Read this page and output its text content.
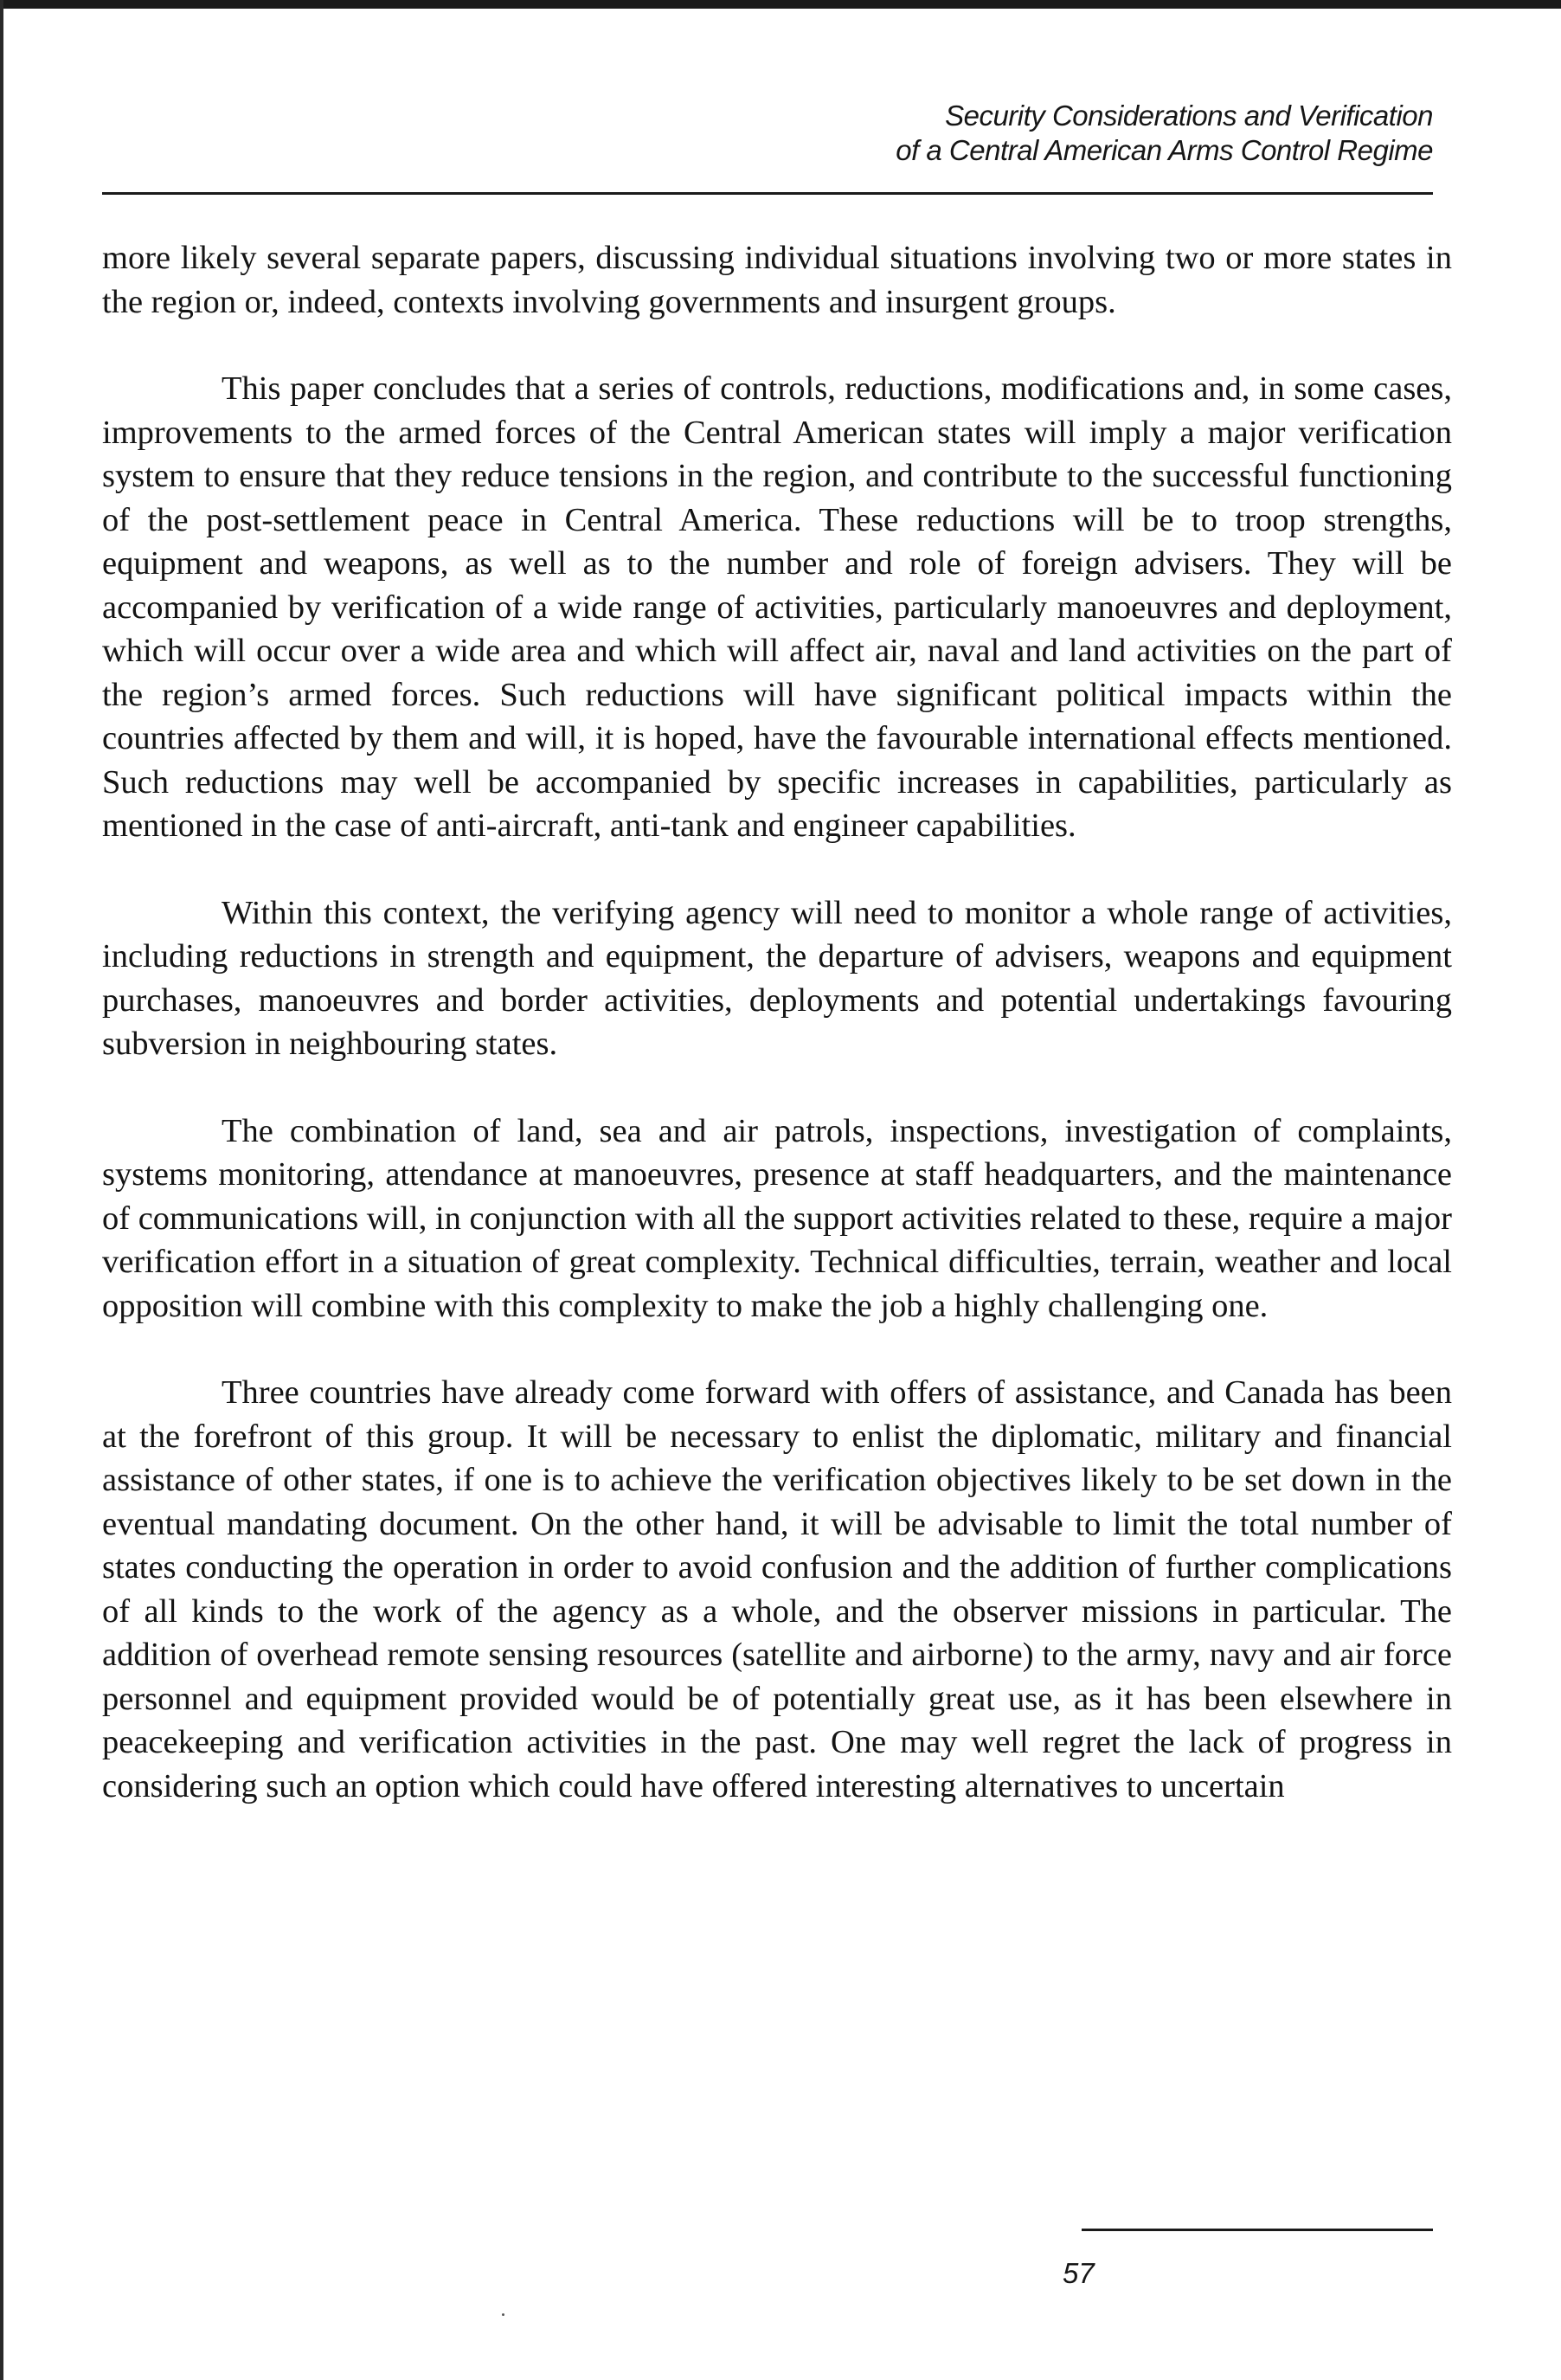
Security Considerations and Verification
of a Central American Arms Control Regime

more likely several separate papers, discussing individual situations involving two or more states in the region or, indeed, contexts involving governments and insurgent groups.

This paper concludes that a series of controls, reductions, modifications and, in some cases, improvements to the armed forces of the Central American states will imply a major verification system to ensure that they reduce tensions in the region, and contribute to the successful functioning of the post-settlement peace in Central America. These reductions will be to troop strengths, equipment and weapons, as well as to the number and role of foreign advisers. They will be accompanied by verification of a wide range of activities, particularly manoeuvres and deployment, which will occur over a wide area and which will affect air, naval and land activities on the part of the region’s armed forces. Such reductions will have significant political impacts within the countries affected by them and will, it is hoped, have the favourable international effects mentioned. Such reductions may well be accompanied by specific increases in capabilities, particularly as mentioned in the case of anti-aircraft, anti-tank and engineer capabilities.

Within this context, the verifying agency will need to monitor a whole range of activities, including reductions in strength and equipment, the departure of advisers, weapons and equipment purchases, manoeuvres and border activities, deployments and potential undertakings favouring subversion in neighbouring states.

The combination of land, sea and air patrols, inspections, investigation of complaints, systems monitoring, attendance at manoeuvres, presence at staff headquarters, and the maintenance of communications will, in conjunction with all the support activities related to these, require a major verification effort in a situation of great complexity. Technical difficulties, terrain, weather and local opposition will combine with this complexity to make the job a highly challenging one.

Three countries have already come forward with offers of assistance, and Canada has been at the forefront of this group. It will be necessary to enlist the diplomatic, military and financial assistance of other states, if one is to achieve the verification objectives likely to be set down in the eventual mandating document. On the other hand, it will be advisable to limit the total number of states conducting the operation in order to avoid confusion and the addition of further complications of all kinds to the work of the agency as a whole, and the observer missions in particular. The addition of overhead remote sensing resources (satellite and airborne) to the army, navy and air force personnel and equipment provided would be of potentially great use, as it has been elsewhere in peacekeeping and verification activities in the past. One may well regret the lack of progress in considering such an option which could have offered interesting alternatives to uncertain

57
